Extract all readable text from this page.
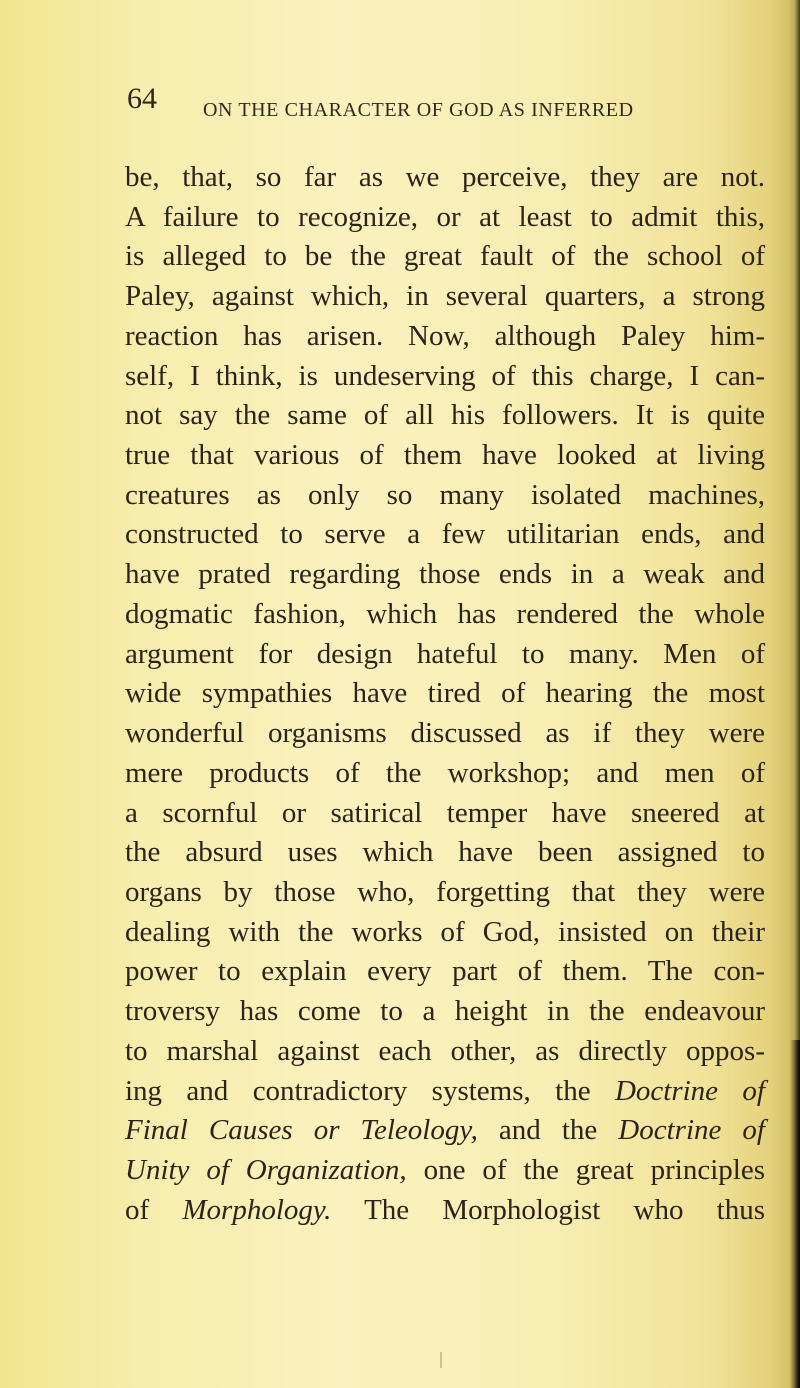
64 ON THE CHARACTER OF GOD AS INFERRED
be, that, so far as we perceive, they are not.
A failure to recognize, or at least to admit this,
is alleged to be the great fault of the school of
Paley, against which, in several quarters, a strong
reaction has arisen. Now, although Paley him-
self, I think, is undeserving of this charge, I can-
not say the same of all his followers. It is quite
true that various of them have looked at living
creatures as only so many isolated machines,
constructed to serve a few utilitarian ends, and
have prated regarding those ends in a weak and
dogmatic fashion, which has rendered the whole
argument for design hateful to many. Men of
wide sympathies have tired of hearing the most
wonderful organisms discussed as if they were
mere products of the workshop; and men of
a scornful or satirical temper have sneered at
the absurd uses which have been assigned to
organs by those who, forgetting that they were
dealing with the works of God, insisted on their
power to explain every part of them. The con-
troversy has come to a height in the endeavour
to marshal against each other, as directly oppos-
ing and contradictory systems, the Doctrine of
Final Causes or Teleology, and the Doctrine of
Unity of Organization, one of the great principles
of Morphology. The Morphologist who thus
